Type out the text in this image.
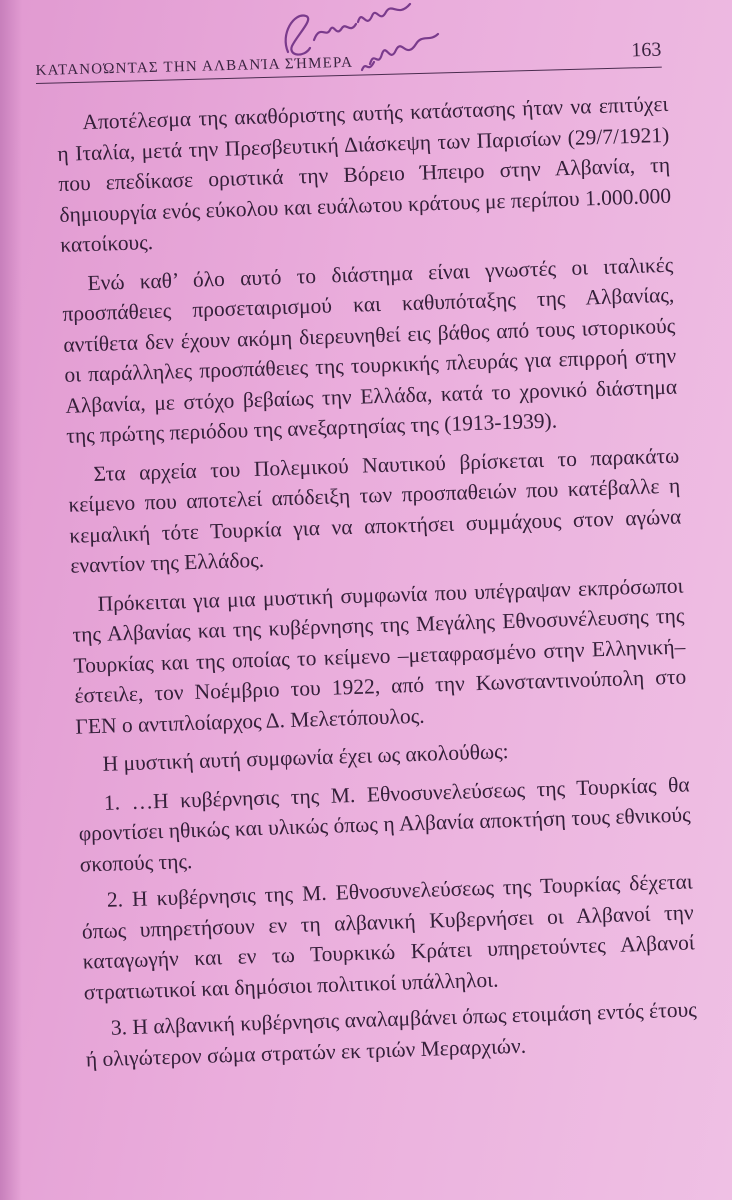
ΚΑΤΑΝΟΏΝΤΑΣ ΤΗΝ ΑΛΒΑΝΊΑ ΣΉΜΕΡΑ
163

Αποτέλεσμα της ακαθόριστης αυτής κατάστασης ήταν να επιτύχει η Ιταλία, μετά την Πρεσβευτική Διάσκεψη των Παρισίων (29/7/1921) που επεδίκασε οριστικά την Βόρειο Ήπειρο στην Αλβανία, τη δημιουργία ενός εύκολου και ευάλωτου κράτους με περίπου 1.000.000 κατοίκους.

Ενώ καθ’ όλο αυτό το διάστημα είναι γνωστές οι ιταλικές προσπάθειες προσεταιρισμού και καθυπόταξης της Αλβανίας, αντίθετα δεν έχουν ακόμη διερευνηθεί εις βάθος από τους ιστορικούς οι παράλληλες προσπάθειες της τουρκικής πλευράς για επιρροή στην Αλβανία, με στόχο βεβαίως την Ελλάδα, κατά το χρονικό διάστημα της πρώτης περιόδου της ανεξαρτησίας της (1913-1939).

Στα αρχεία του Πολεμικού Ναυτικού βρίσκεται το παρακάτω κείμενο που αποτελεί απόδειξη των προσπαθειών που κατέβαλλε η κεμαλική τότε Τουρκία για να αποκτήσει συμμάχους στον αγώνα εναντίον της Ελλάδος.

Πρόκειται για μια μυστική συμφωνία που υπέγραψαν εκπρόσωποι της Αλβανίας και της κυβέρνησης της Μεγάλης Εθνοσυνέλευσης της Τουρκίας και της οποίας το κείμενο –μεταφρασμένο στην Ελληνική– έστειλε, τον Νοέμβριο του 1922, από την Κωνσταντινούπολη στο ΓΕΝ ο αντιπλοίαρχος Δ. Μελετόπουλος.

Η μυστική αυτή συμφωνία έχει ως ακολούθως:

1. …Η κυβέρνησις της Μ. Εθνοσυνελεύσεως της Τουρκίας θα φροντίσει ηθικώς και υλικώς όπως η Αλβανία αποκτήση τους εθνικούς σκοπούς της.

2. Η κυβέρνησις της Μ. Εθνοσυνελεύσεως της Τουρκίας δέχεται όπως υπηρετήσουν εν τη αλβανική Κυβερνήσει οι Αλβανοί την καταγωγήν και εν τω Τουρκικώ Κράτει υπηρετούντες Αλβανοί στρατιωτικοί και δημόσιοι πολιτικοί υπάλληλοι.

3. Η αλβανική κυβέρνησις αναλαμβάνει όπως ετοιμάση εντός έτους ή ολιγώτερον σώμα στρατών εκ τριών Μεραρχιών.
